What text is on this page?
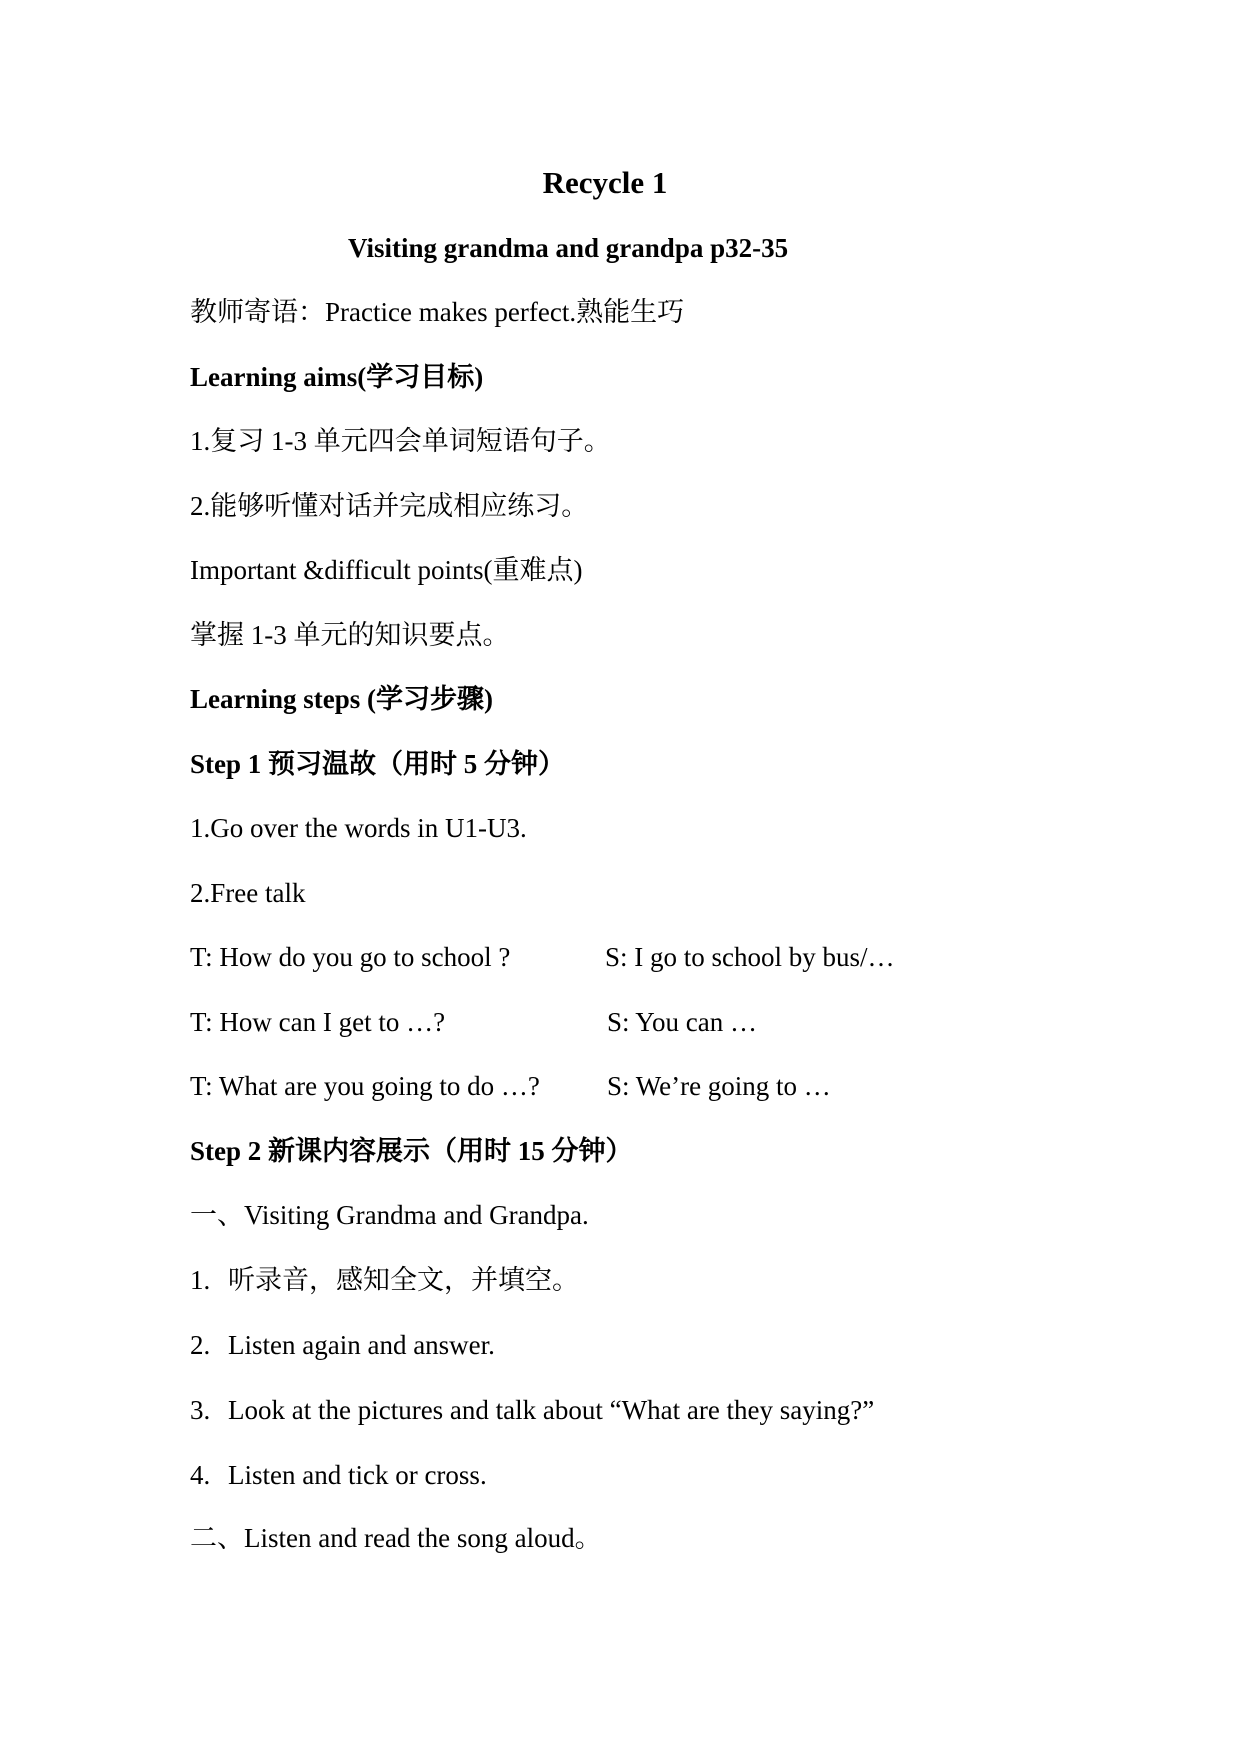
Recycle 1
Visiting grandma and grandpa p32-35
教师寄语：Practice makes perfect.熟能生巧
Learning aims(学习目标)
1.复习 1-3 单元四会单词短语句子。
2.能够听懂对话并完成相应练习。
Important &difficult points(重难点)
掌握 1-3 单元的知识要点。
Learning steps (学习步骤)
Step 1 预习温故（用时 5 分钟）
1.Go over the words in U1-U3.
2.Free talk
T: How do you go to school ?	S: I go to school by bus/…
T: How can I get to …?	S: You can …
T: What are you going to do …? S: We’re going to …
Step 2 新课内容展示（用时 15 分钟）
一、Visiting Grandma and Grandpa.
1. 听录音，感知全文，并填空。
2. Listen again and answer.
3. Look at the pictures and talk about “What are they saying?”
4. Listen and tick or cross.
二、Listen and read the song aloud。
